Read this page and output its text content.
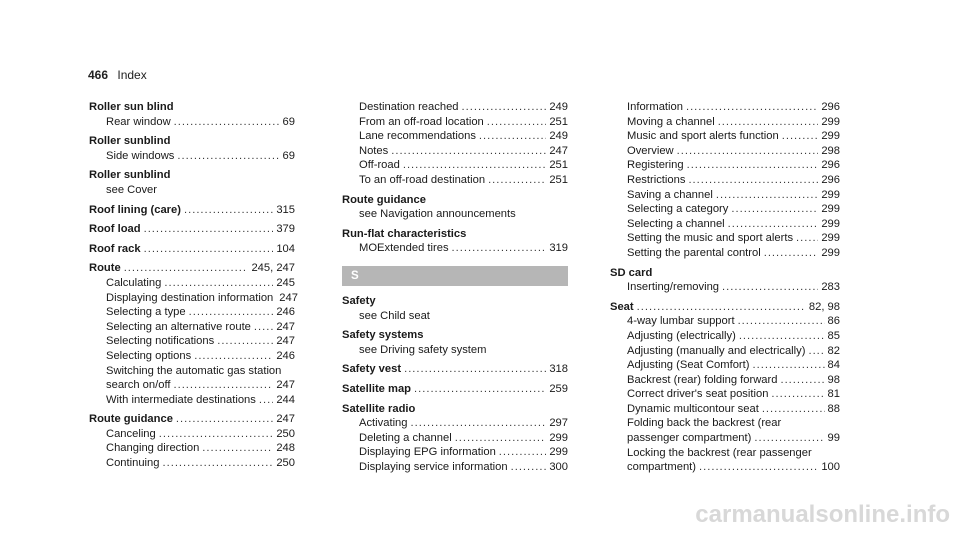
466 Index
Roller sun blind
Rear window .....	69
Roller sunblind
Side windows .....	69
Roller sunblind
see Cover
Roof lining (care) .....	315
Roof load .....	379
Roof rack .....	104
Route .....	245, 247
Calculating .....	245
Displaying destination information 247
Selecting a type .....	246
Selecting an alternative route ..... 247
Selecting notifications .....	247
Selecting options .....	246
Switching the automatic gas station
search on/off .....	247
With intermediate destinations ..... 244
Route guidance .....	247
Canceling .....	250
Changing direction .....	248
Continuing .....	250
Destination reached .....	249
From an off-road location .....	251
Lane recommendations .....	249
Notes .....	247
Off-road .....	251
To an off-road destination .....	251
Route guidance
see Navigation announcements
Run-flat characteristics
MOExtended tires .....	319
S
Safety
see Child seat
Safety systems
see Driving safety system
Safety vest .....	318
Satellite map .....	259
Satellite radio
Activating .....	297
Deleting a channel .....	299
Displaying EPG information .....	299
Displaying service information .....	300
Information .....	296
Moving a channel .....	299
Music and sport alerts function .....	299
Overview .....	298
Registering .....	296
Restrictions .....	296
Saving a channel .....	299
Selecting a category .....	299
Selecting a channel .....	299
Setting the music and sport alerts .....	299
Setting the parental control .....	299
SD card
Inserting/removing .....	283
Seat .....	82, 98
4-way lumbar support .....	86
Adjusting (electrically) .....	85
Adjusting (manually and electrically) ..... 82
Adjusting (Seat Comfort) .....	84
Backrest (rear) folding forward .....	98
Correct driver's seat position .....	81
Dynamic multicontour seat .....	88
Folding back the backrest (rear
passenger compartment) .....	99
Locking the backrest (rear passenger
compartment) .....	100
carmanualsonline.info
